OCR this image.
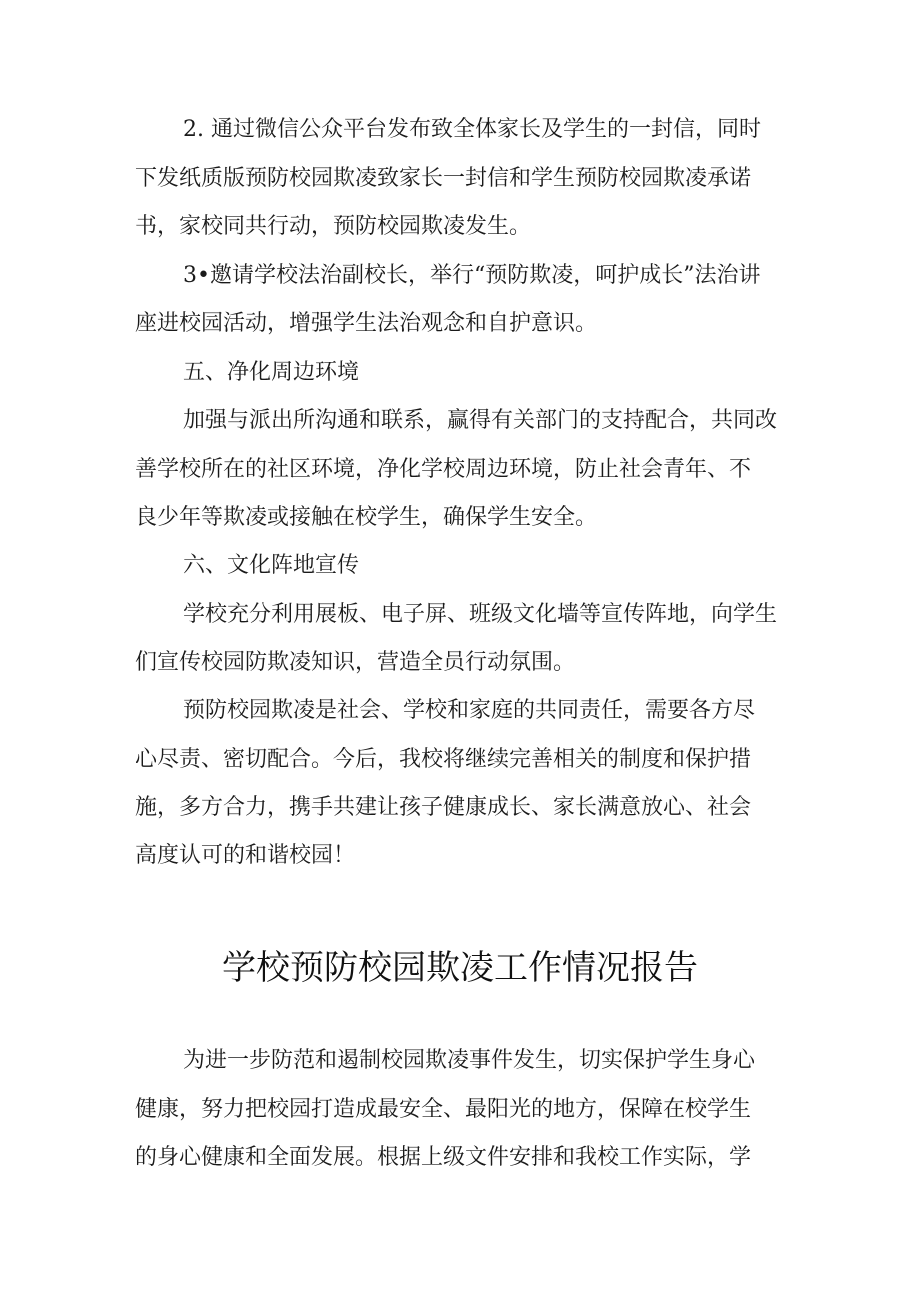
2. 通过微信公众平台发布致全体家长及学生的一封信，同时
下发纸质版预防校园欺凌致家长一封信和学生预防校园欺凌承诺
书，家校同共行动，预防校园欺凌发生。
3•邀请学校法治副校长，举行“预防欺凌，呵护成长”法治讲
座进校园活动，增强学生法治观念和自护意识。
五、净化周边环境
加强与派出所沟通和联系，赢得有关部门的支持配合，共同改
善学校所在的社区环境，净化学校周边环境，防止社会青年、不
良少年等欺凌或接触在校学生，确保学生安全。
六、文化阵地宣传
学校充分利用展板、电子屏、班级文化墙等宣传阵地，向学生
们宣传校园防欺凌知识，营造全员行动氛围。
预防校园欺凌是社会、学校和家庭的共同责任，需要各方尽
心尽责、密切配合。今后，我校将继续完善相关的制度和保护措
施，多方合力，携手共建让孩子健康成长、家长满意放心、社会
高度认可的和谐校园！
学校预防校园欺凌工作情况报告
为进一步防范和遏制校园欺凌事件发生，切实保护学生身心
健康，努力把校园打造成最安全、最阳光的地方，保障在校学生
的身心健康和全面发展。根据上级文件安排和我校工作实际，学
